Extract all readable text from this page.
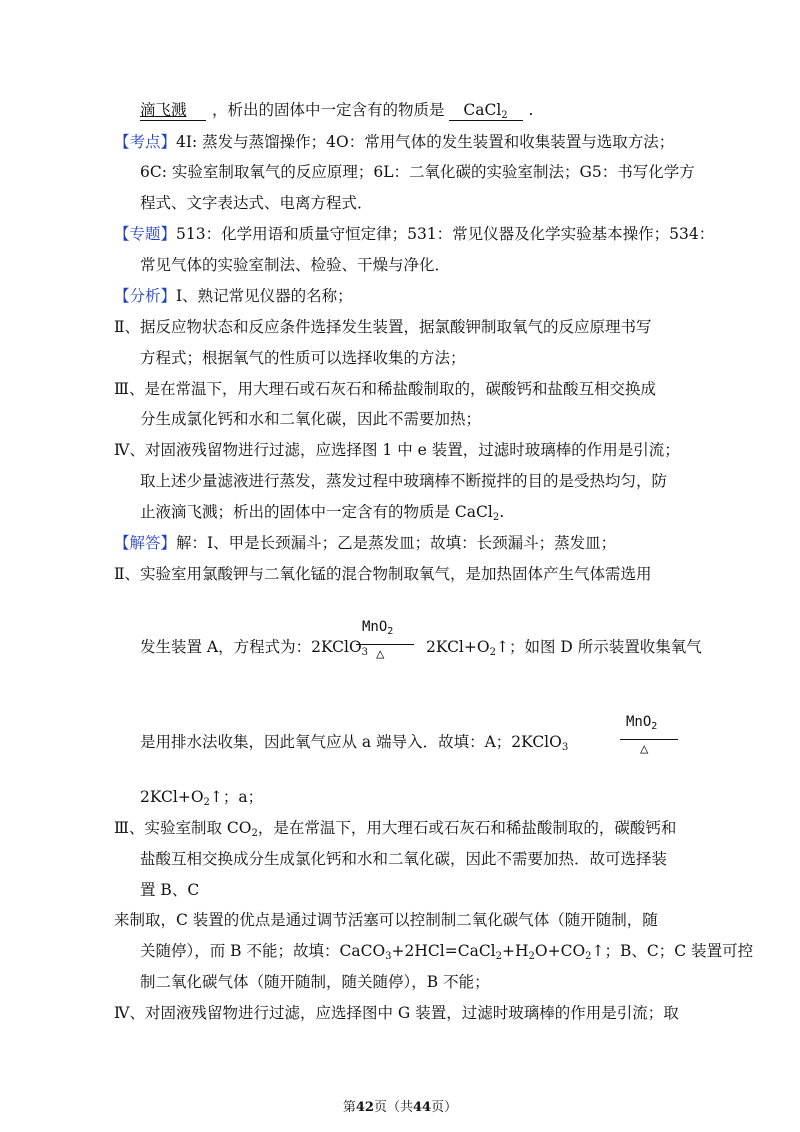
滴飞溅 ，析出的固体中一定含有的物质是 CaCl$_2$ .
【考点】4I: 蒸发与蒸馏操作；4O：常用气体的发生装置和收集装置与选取方法；
6C: 实验室制取氧气的反应原理；6L：二氧化碳的实验室制法；G5：书写化学方
程式、文字表达式、电离方程式．
【专题】513：化学用语和质量守恒定律；531：常见仪器及化学实验基本操作；534：
常见气体的实验室制法、检验、干燥与净化．
【分析】Ⅰ、熟记常见仪器的名称；
Ⅱ、据反应物状态和反应条件选择发生装置，据氯酸钾制取氧气的反应原理书写
方程式；根据氧气的性质可以选择收集的方法；
Ⅲ、是在常温下，用大理石或石灰石和稀盐酸制取的，碳酸钙和盐酸互相交换成
分生成氯化钙和水和二氧化碳，因此不需要加热；
Ⅳ、对固液残留物进行过滤，应选择图 1 中 e 装置，过滤时玻璃棒的作用是引流；
取上述少量滤液进行蒸发，蒸发过程中玻璃棒不断搅拌的目的是受热均匀，防
止液滴飞溅；析出的固体中一定含有的物质是 CaCl$_2$.
【解答】解：Ⅰ、甲是长颈漏斗；乙是蒸发皿；故填：长颈漏斗；蒸发皿；
Ⅱ、实验室用氯酸钾与二氧化锰的混合物制取氧气，是加热固体产生气体需选用
发生装置 A，方程式为：2KClO$_3$	$2KCl+O_2↑$；如图 D 所示装置收集氧气
MnO$_2$
△
是用排水法收集，因此氧气应从 a 端导入．故填：A；2KClO$_3$
MnO$_2$
△
$2KCl+O_2↑$；a；
Ⅲ、实验室制取 $CO_2$，是在常温下，用大理石或石灰石和稀盐酸制取的，碳酸钙和
盐酸互相交换成分生成氯化钙和水和二氧化碳，因此不需要加热．故可选择装
置 B、C
来制取，C 装置的优点是通过调节活塞可以控制制二氧化碳气体（随开随制，随
关随停），而 B 不能；故填：$CaCO_3+2HCl=CaCl_2+H_2O+CO_2↑$；B、C；C 装置可控
制二氧化碳气体（随开随制，随关随停），B 不能；
Ⅳ、对固液残留物进行过滤，应选择图中 G 装置，过滤时玻璃棒的作用是引流；取
第42页（共44页）
